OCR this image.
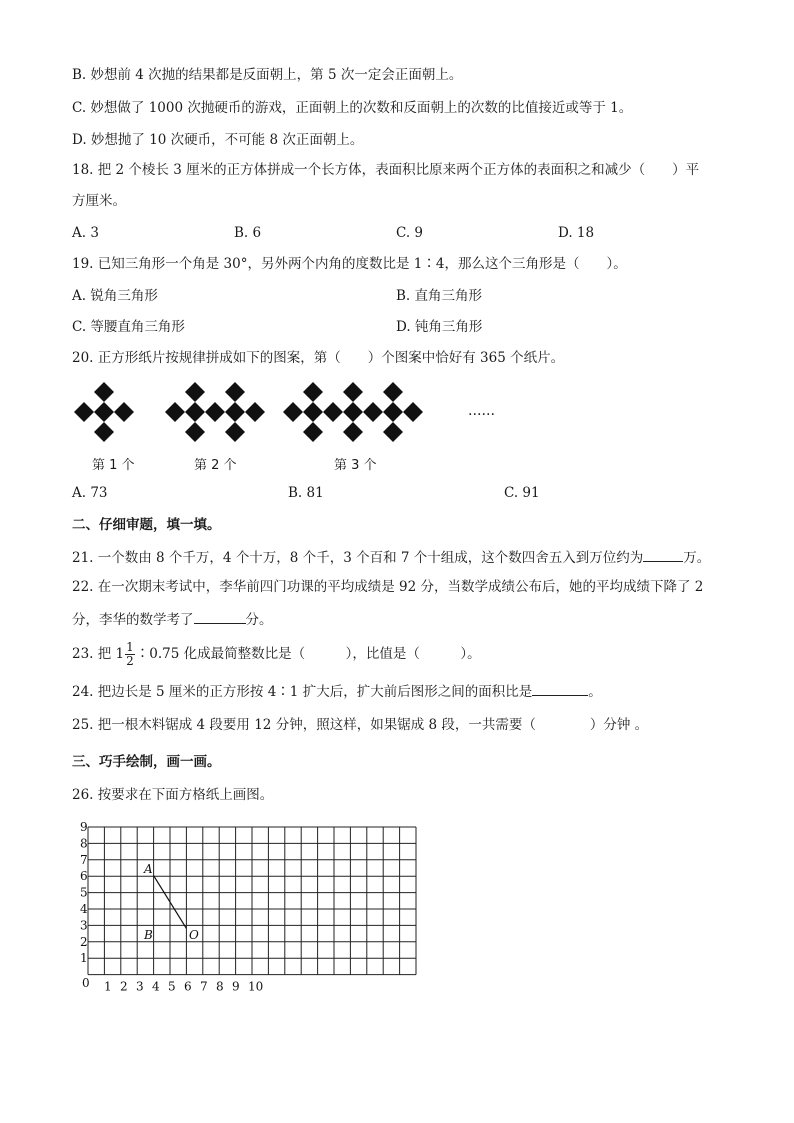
B. 妙想前 4 次抛的结果都是反面朝上，第 5 次一定会正面朝上。
C. 妙想做了 1000 次抛硬币的游戏，正面朝上的次数和反面朝上的次数的比值接近或等于 1。
D. 妙想抛了 10 次硬币，不可能 8 次正面朝上。
18. 把 2 个棱长 3 厘米的正方体拼成一个长方体，表面积比原来两个正方体的表面积之和减少（　　）平
方厘米。
A. 3	B. 6	C. 9	D. 18
19. 已知三角形一个角是 30°，另外两个内角的度数比是 1∶4，那么这个三角形是（　　）。
A. 锐角三角形	B. 直角三角形
C. 等腰直角三角形	D. 钝角三角形
20. 正方形纸片按规律拼成如下的图案，第（　　）个图案中恰好有 365 个纸片。
第 1 个	第 2 个	第 3 个
……
A. 73	B. 81	C. 91
二、仔细审题，填一填。
21. 一个数由 8 个千万，4 个十万，8 个千，3 个百和 7 个十组成，这个数四舍五入到万位约为	万。
22. 在一次期末考试中，李华前四门功课的平均成绩是 92 分，当数学成绩公布后，她的平均成绩下降了 2
分，李华的数学考了	分。
23. 把 $1 \frac{1}{2}$ ∶0.75 化成最简整数比是（　　　），比值是（　　　）。
24. 把边长是 5 厘米的正方形按 4∶1 扩大后，扩大前后图形之间的面积比是	。
25. 把一根木料锯成 4 段要用 12 分钟，照这样，如果锯成 8 段，一共需要（　　　　）分钟 。
三、巧手绘制，画一画。
26. 按要求在下面方格纸上画图。
9
8
7
6
5
4
3
2
1
1 2 3 4 5 6 7 8 9 10
0
A
B	O
